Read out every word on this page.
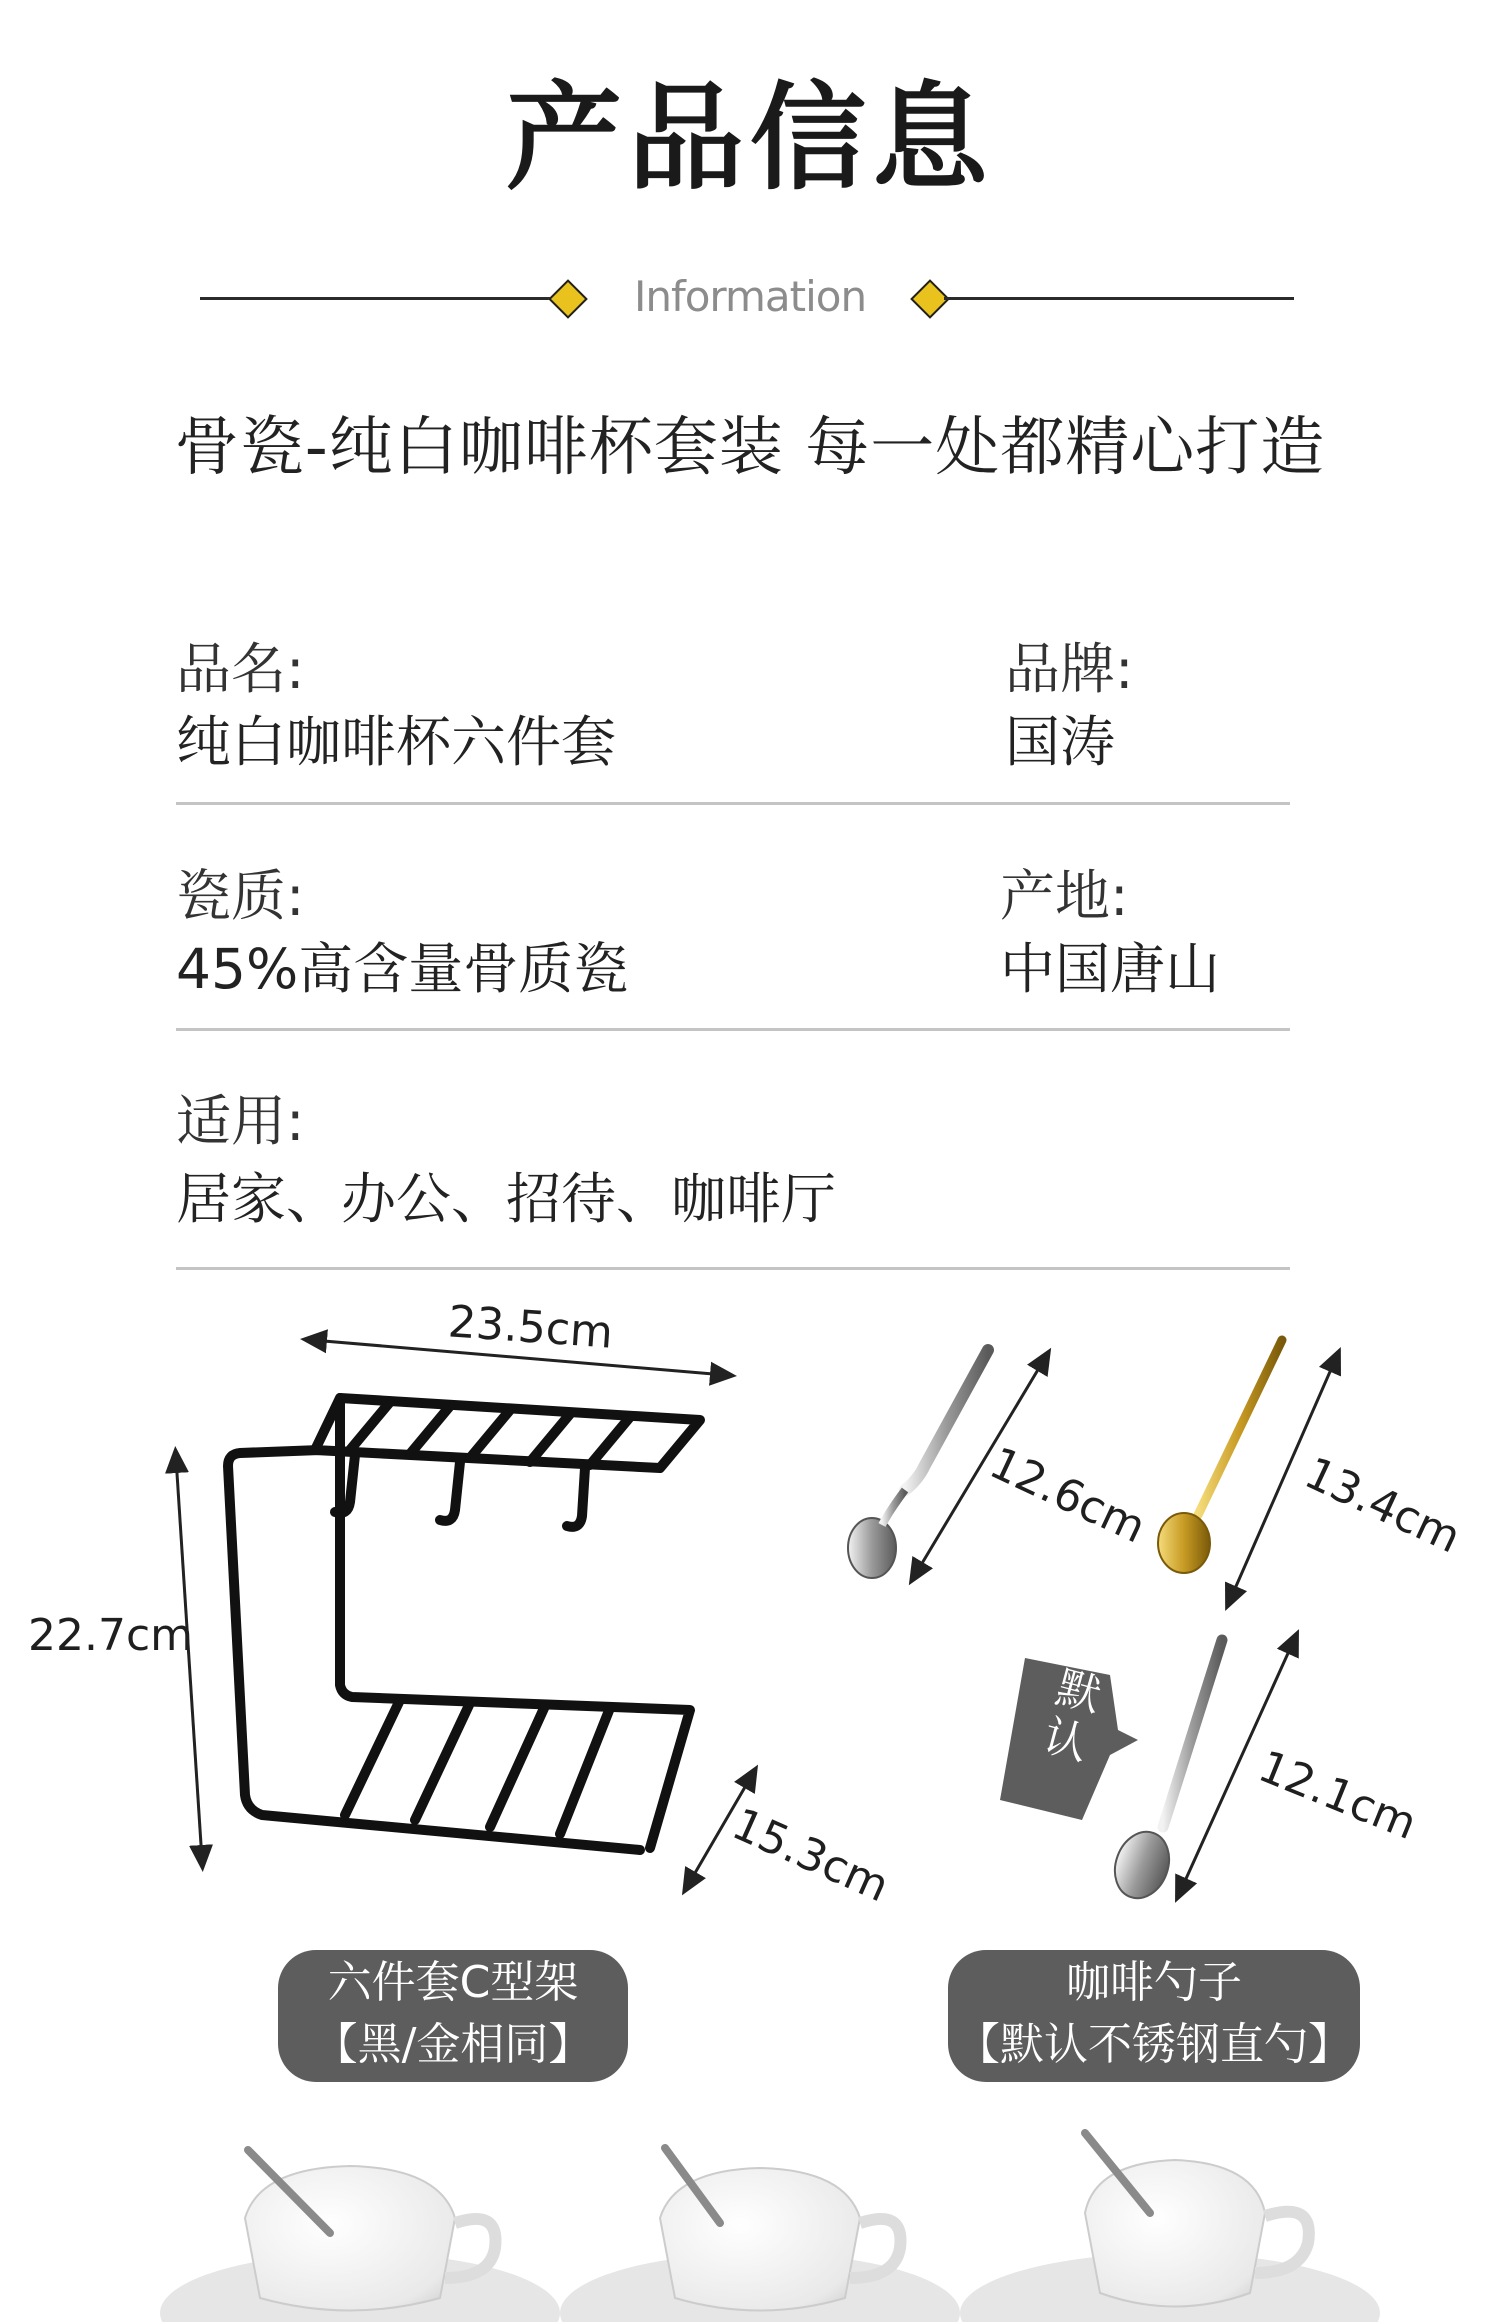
产品信息
Information
骨瓷-纯白咖啡杯套装 每一处都精心打造
品名:
纯白咖啡杯六件套
品牌:
国涛
瓷质:
45%高含量骨质瓷
产地:
中国唐山
适用:
居家、办公、招待、咖啡厅
23.5cm
22.7cm
15.3cm
六件套C型架
【黑/金相同】
12.6cm	13.4cm
12.1cm
默认
咖啡勺子
【默认不锈钢直勺】
